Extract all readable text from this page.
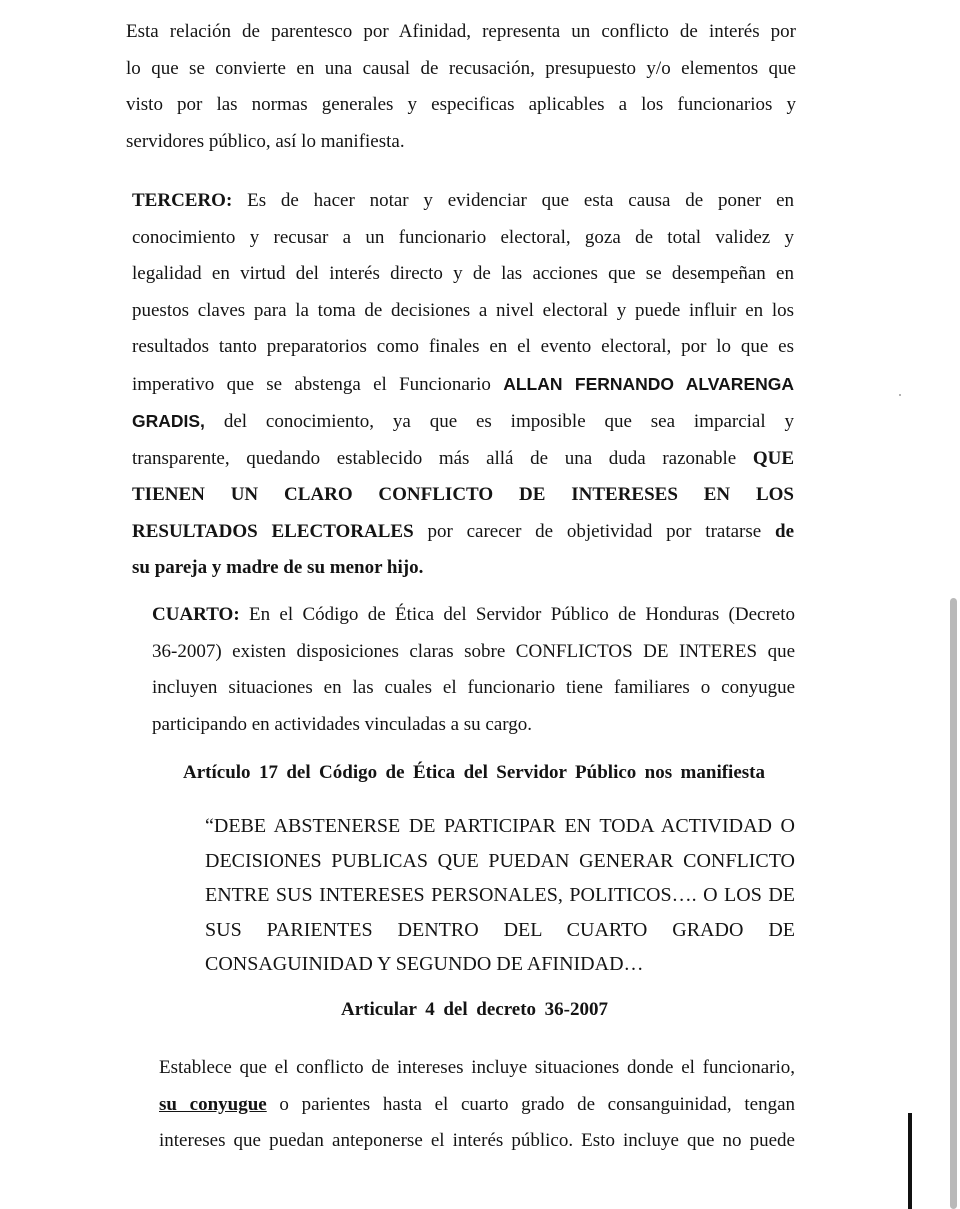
Esta relación de parentesco por Afinidad, representa un conflicto de interés por
lo que se convierte en una causal de recusación, presupuesto y/o elementos que
visto por las normas generales y especificas aplicables a los funcionarios y
servidores público, así lo manifiesta.
TERCERO: Es de hacer notar y evidenciar que esta causa de poner en
conocimiento y recusar a un funcionario electoral, goza de total validez y
legalidad en virtud del interés directo y de las acciones que se desempeñan en
puestos claves para la toma de decisiones a nivel electoral y puede influir en los
resultados tanto preparatorios como finales en el evento electoral, por lo que es
imperativo que se abstenga el Funcionario ALLAN FERNANDO ALVARENGA
GRADIS, del conocimiento, ya que es imposible que sea imparcial y
transparente, quedando establecido más allá de una duda razonable QUE
TIENEN UN CLARO CONFLICTO DE INTERESES EN LOS
RESULTADOS ELECTORALES por carecer de objetividad por tratarse de
su pareja y madre de su menor hijo.
CUARTO: En el Código de Ética del Servidor Público de Honduras (Decreto
36-2007) existen disposiciones claras sobre CONFLICTOS DE INTERES que
incluyen situaciones en las cuales el funcionario tiene familiares o conyugue
participando en actividades vinculadas a su cargo.
Artículo 17 del Código de Ética del Servidor Público nos manifiesta
“DEBE ABSTENERSE DE PARTICIPAR EN TODA ACTIVIDAD O
DECISIONES PUBLICAS QUE PUEDAN GENERAR CONFLICTO
ENTRE SUS INTERESES PERSONALES, POLITICOS…. O LOS DE
SUS PARIENTES DENTRO DEL CUARTO GRADO DE
CONSAGUINIDAD Y SEGUNDO DE AFINIDAD…
Articular 4 del decreto 36-2007
Establece que el conflicto de intereses incluye situaciones donde el funcionario,
su conyugue o parientes hasta el cuarto grado de consanguinidad, tengan
intereses que puedan anteponerse el interés público. Esto incluye que no puede
